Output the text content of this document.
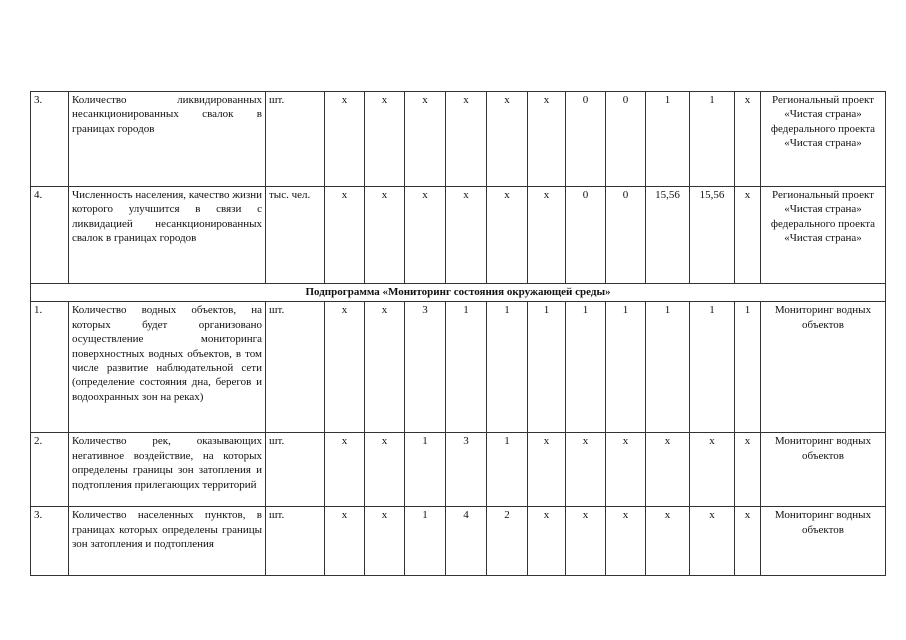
3.	Количество ликвидированных несанкционированных свалок в границах городов	шт.	х	х	х	х	х	х	0	0	1	1	х	Региональный проект «Чистая страна» федерального проекта «Чистая страна»
4.	Численность населения, качество жизни которого улучшится в связи с ликвидацией несанкционированных свалок в границах городов	тыс. чел.	х	х	х	х	х	х	0	0	15,56	15,56	х	Региональный проект «Чистая страна» федерального проекта «Чистая страна»
Подпрограмма «Мониторинг состояния окружающей среды»														
1.	Количество водных объектов, на которых будет организовано осуществление мониторинга поверхностных водных объектов, в том числе развитие наблюдательной сети (определение состояния дна, берегов и водоохранных зон на реках)	шт.	х	х	3	1	1	1	1	1	1	1	1	Мониторинг водных объектов
2.	Количество рек, оказывающих негативное воздействие, на которых определены границы зон затопления и подтопления прилегающих территорий	шт.	х	х	1	3	1	х	х	х	х	х	х	Мониторинг водных объектов
3.	Количество населенных пунктов, в границах которых определены границы зон затопления и подтопления	шт.	х	х	1	4	2	х	х	х	х	х	х	Мониторинг водных объектов
